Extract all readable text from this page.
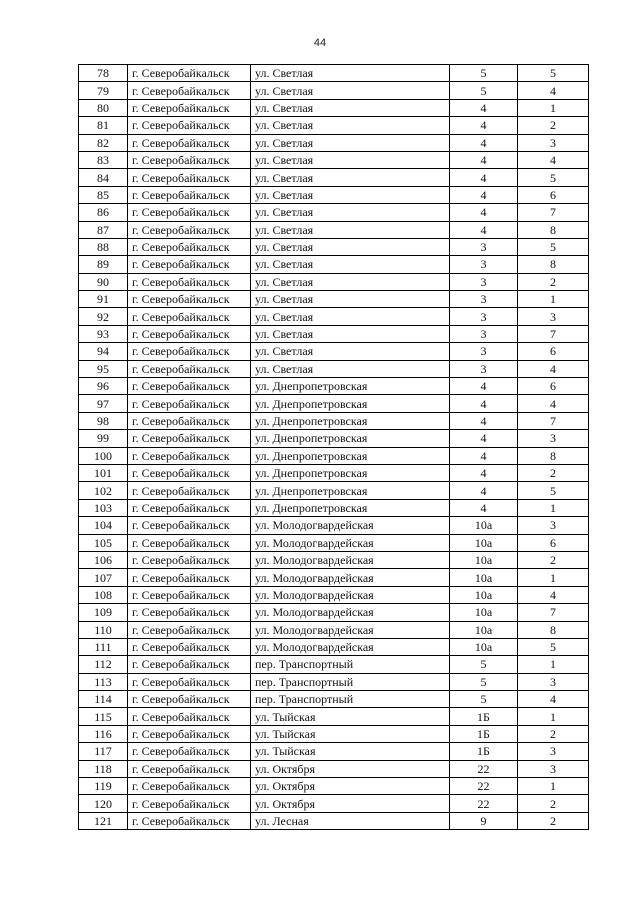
44
78	г. Северобайкальск	ул. Светлая	5	5
79	г. Северобайкальск	ул. Светлая	5	4
80	г. Северобайкальск	ул. Светлая	4	1
81	г. Северобайкальск	ул. Светлая	4	2
82	г. Северобайкальск	ул. Светлая	4	3
83	г. Северобайкальск	ул. Светлая	4	4
84	г. Северобайкальск	ул. Светлая	4	5
85	г. Северобайкальск	ул. Светлая	4	6
86	г. Северобайкальск	ул. Светлая	4	7
87	г. Северобайкальск	ул. Светлая	4	8
88	г. Северобайкальск	ул. Светлая	3	5
89	г. Северобайкальск	ул. Светлая	3	8
90	г. Северобайкальск	ул. Светлая	3	2
91	г. Северобайкальск	ул. Светлая	3	1
92	г. Северобайкальск	ул. Светлая	3	3
93	г. Северобайкальск	ул. Светлая	3	7
94	г. Северобайкальск	ул. Светлая	3	6
95	г. Северобайкальск	ул. Светлая	3	4
96	г. Северобайкальск	ул. Днепропетровская	4	6
97	г. Северобайкальск	ул. Днепропетровская	4	4
98	г. Северобайкальск	ул. Днепропетровская	4	7
99	г. Северобайкальск	ул. Днепропетровская	4	3
100	г. Северобайкальск	ул. Днепропетровская	4	8
101	г. Северобайкальск	ул. Днепропетровская	4	2
102	г. Северобайкальск	ул. Днепропетровская	4	5
103	г. Северобайкальск	ул. Днепропетровская	4	1
104	г. Северобайкальск	ул. Молодогвардейская	10а	3
105	г. Северобайкальск	ул. Молодогвардейская	10а	6
106	г. Северобайкальск	ул. Молодогвардейская	10а	2
107	г. Северобайкальск	ул. Молодогвардейская	10а	1
108	г. Северобайкальск	ул. Молодогвардейская	10а	4
109	г. Северобайкальск	ул. Молодогвардейская	10а	7
110	г. Северобайкальск	ул. Молодогвардейская	10а	8
111	г. Северобайкальск	ул. Молодогвардейская	10а	5
112	г. Северобайкальск	пер. Транспортный	5	1
113	г. Северобайкальск	пер. Транспортный	5	3
114	г. Северобайкальск	пер. Транспортный	5	4
115	г. Северобайкальск	ул. Тыйская	1Б	1
116	г. Северобайкальск	ул. Тыйская	1Б	2
117	г. Северобайкальск	ул. Тыйская	1Б	3
118	г. Северобайкальск	ул. Октября	22	3
119	г. Северобайкальск	ул. Октября	22	1
120	г. Северобайкальск	ул. Октября	22	2
121	г. Северобайкальск	ул. Лесная	9	2
